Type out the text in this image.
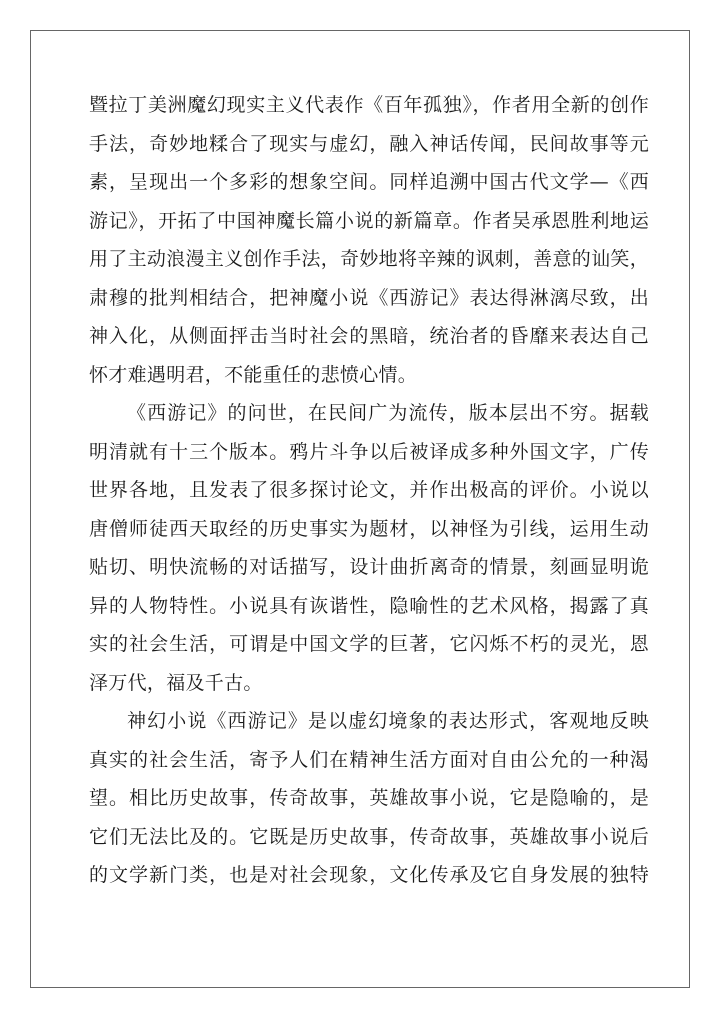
暨拉丁美洲魔幻现实主义代表作《百年孤独》，作者用全新的创作
手法，奇妙地糅合了现实与虚幻，融入神话传闻，民间故事等元
素，呈现出一个多彩的想象空间。同样追溯中国古代文学—《西
游记》，开拓了中国神魔长篇小说的新篇章。作者吴承恩胜利地运
用了主动浪漫主义创作手法，奇妙地将辛辣的讽刺，善意的讪笑，
肃穆的批判相结合，把神魔小说《西游记》表达得淋漓尽致，出
神入化，从侧面抨击当时社会的黑暗，统治者的昏靡来表达自己
怀才难遇明君，不能重任的悲愤心情。
《西游记》的问世，在民间广为流传，版本层出不穷。据载
明清就有十三个版本。鸦片斗争以后被译成多种外国文字，广传
世界各地，且发表了很多探讨论文，并作出极高的评价。小说以
唐僧师徒西天取经的历史事实为题材，以神怪为引线，运用生动
贴切、明快流畅的对话描写，设计曲折离奇的情景，刻画显明诡
异的人物特性。小说具有诙谐性，隐喻性的艺术风格，揭露了真
实的社会生活，可谓是中国文学的巨著，它闪烁不朽的灵光，恩
泽万代，福及千古。
神幻小说《西游记》是以虚幻境象的表达形式，客观地反映
真实的社会生活，寄予人们在精神生活方面对自由公允的一种渴
望。相比历史故事，传奇故事，英雄故事小说，它是隐喻的，是
它们无法比及的。它既是历史故事，传奇故事，英雄故事小说后
的文学新门类，也是对社会现象，文化传承及它自身发展的独特
